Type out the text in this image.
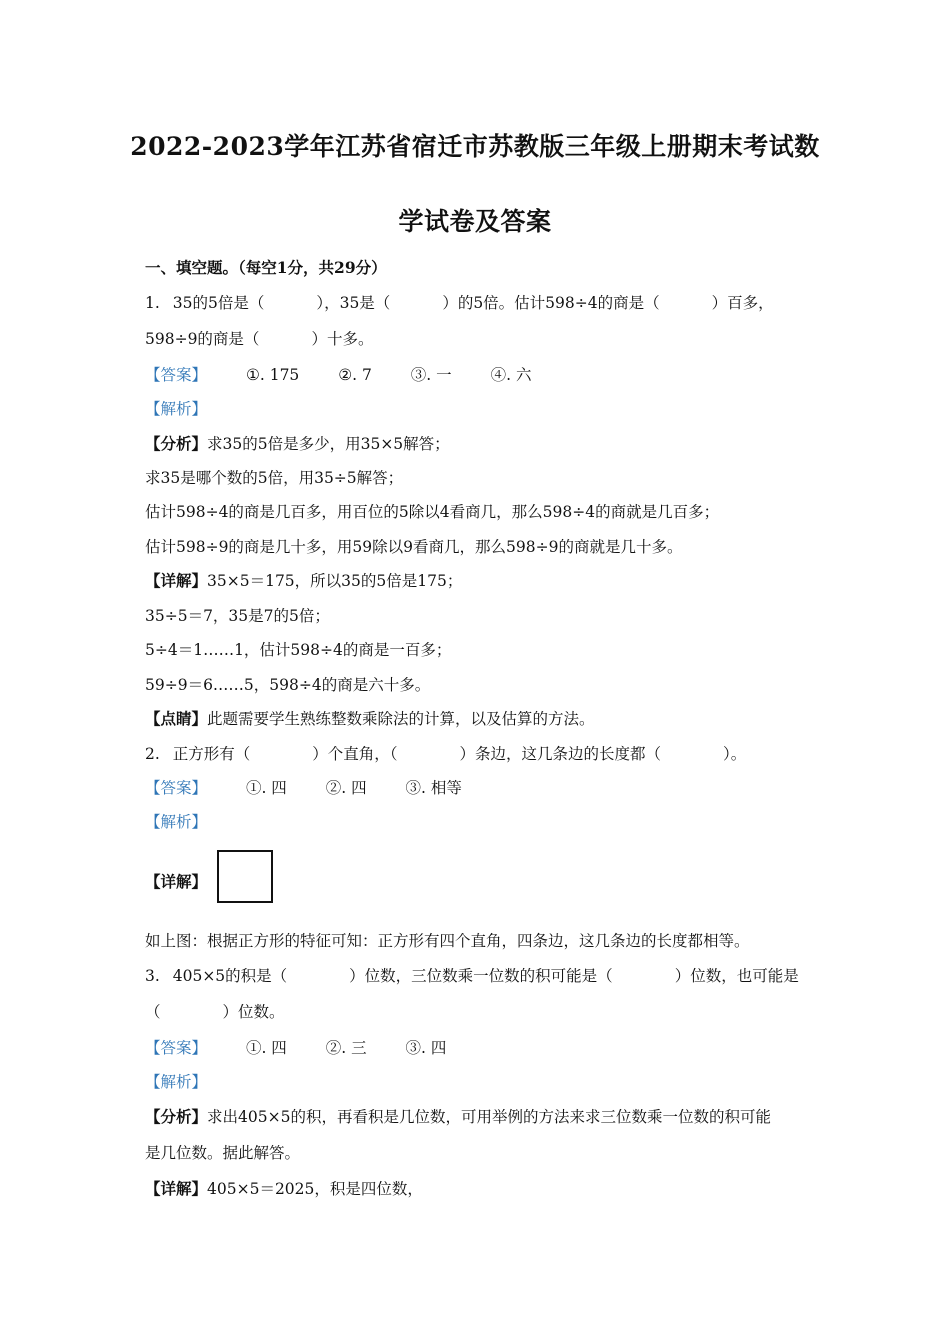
2022-2023学年江苏省宿迁市苏教版三年级上册期末考试数
学试卷及答案
一、填空题。（每空1分，共29分）
1. 35的5倍是（	），35是（	）的5倍。估计598÷4的商是（	）百多，
598÷9的商是（	）十多。
【答案】	①. 175	②. 7	③. 一	④. 六
【解析】
【分析】求35的5倍是多少，用35×5解答；
求35是哪个数的5倍，用35÷5解答；
估计598÷4的商是几百多，用百位的5除以4看商几，那么598÷4的商就是几百多；
估计598÷9的商是几十多，用59除以9看商几，那么598÷9的商就是几十多。
【详解】35×5＝175，所以35的5倍是175；
35÷5＝7，35是7的5倍；
5÷4＝1……1，估计598÷4的商是一百多；
59÷9＝6……5，598÷4的商是六十多。
【点睛】此题需要学生熟练整数乘除法的计算，以及估算的方法。
2. 正方形有（	）个直角，（	）条边，这几条边的长度都（	）。
【答案】	①. 四	②. 四	③. 相等
【解析】
【详解】
如上图：根据正方形的特征可知：正方形有四个直角，四条边，这几条边的长度都相等。
3. 405×5的积是（	）位数，三位数乘一位数的积可能是（	）位数，也可能是
（	）位数。
【答案】	①. 四	②. 三	③. 四
【解析】
【分析】求出405×5的积，再看积是几位数，可用举例的方法来求三位数乘一位数的积可能
是几位数。据此解答。
【详解】405×5＝2025，积是四位数，
